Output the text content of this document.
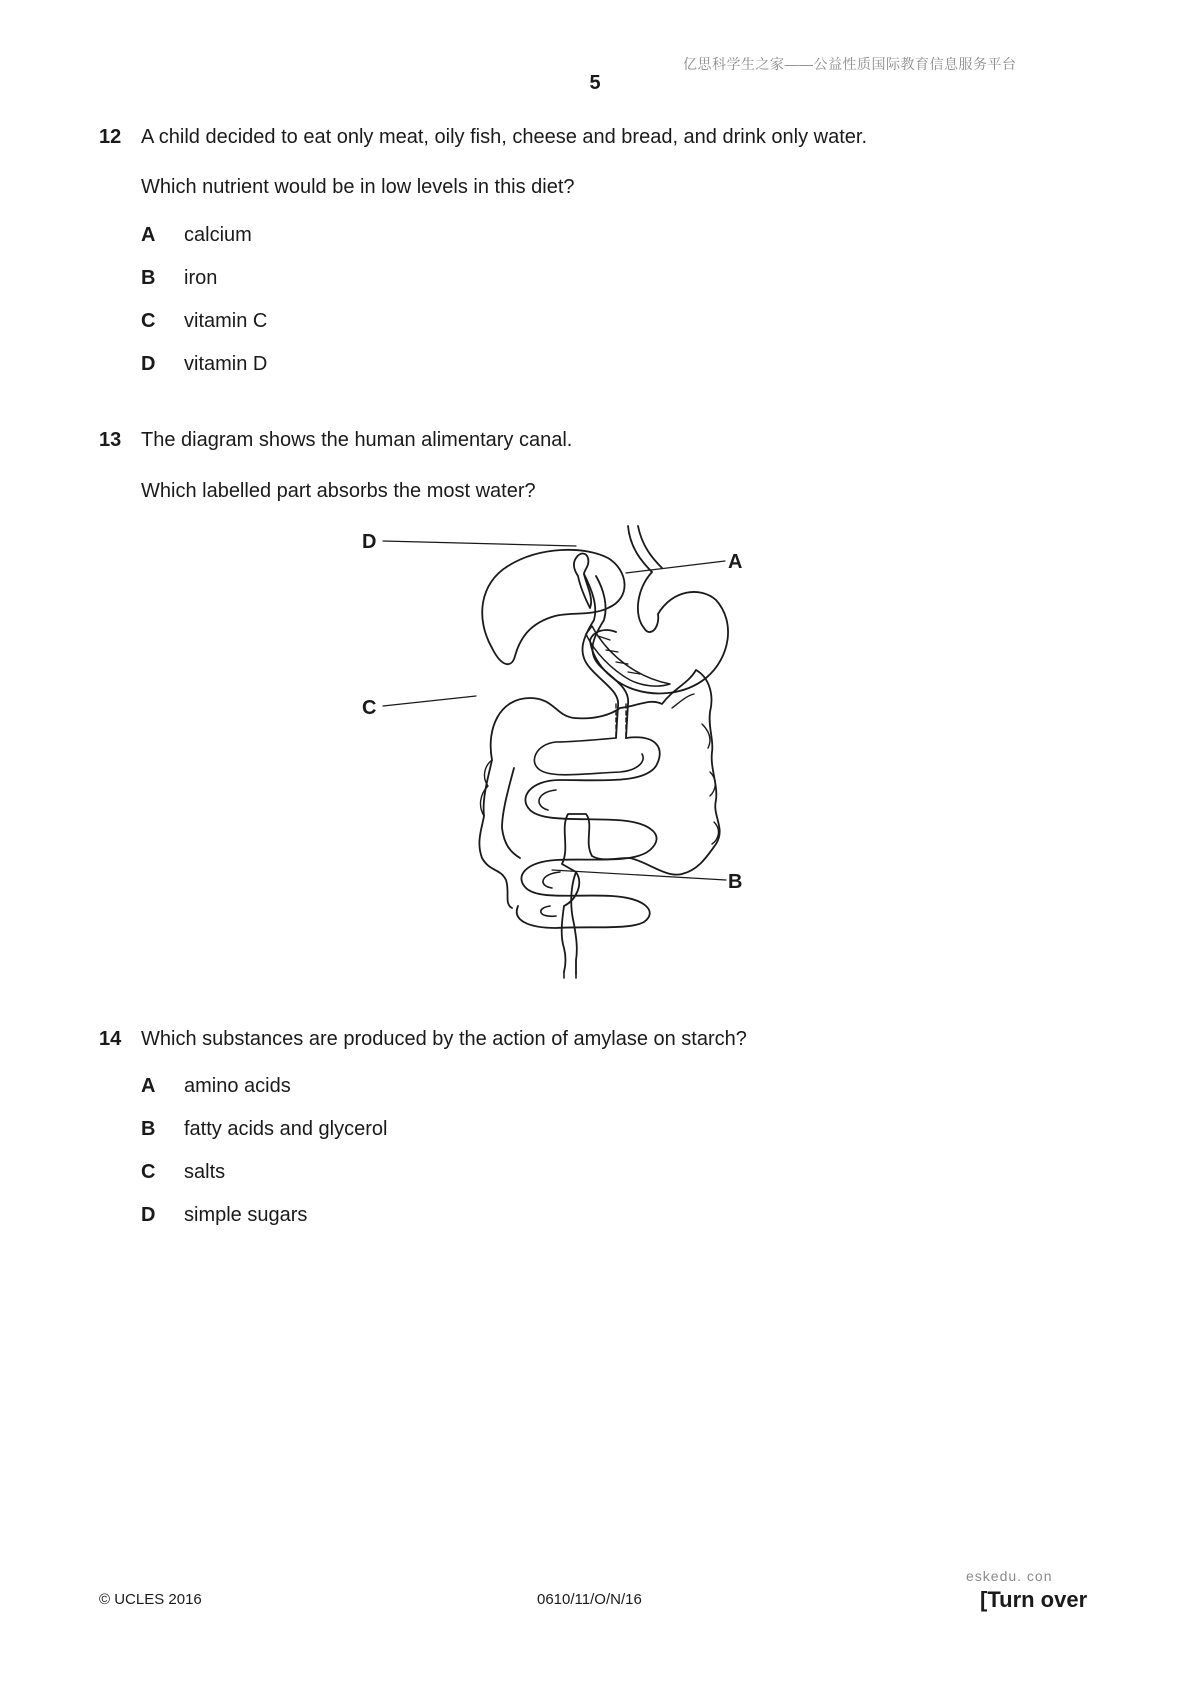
亿思科学生之家——公益性质国际教育信息服务平台
5
12 A child decided to eat only meat, oily fish, cheese and bread, and drink only water.
Which nutrient would be in low levels in this diet?
A calcium
B iron
C vitamin C
D vitamin D
13 The diagram shows the human alimentary canal.
Which labelled part absorbs the most water?
D
A
C
B
14 Which substances are produced by the action of amylase on starch?
A amino acids
B fatty acids and glycerol
C salts
D simple sugars
eskedu. con
© UCLES 2016	0610/11/O/N/16	[Turn over
